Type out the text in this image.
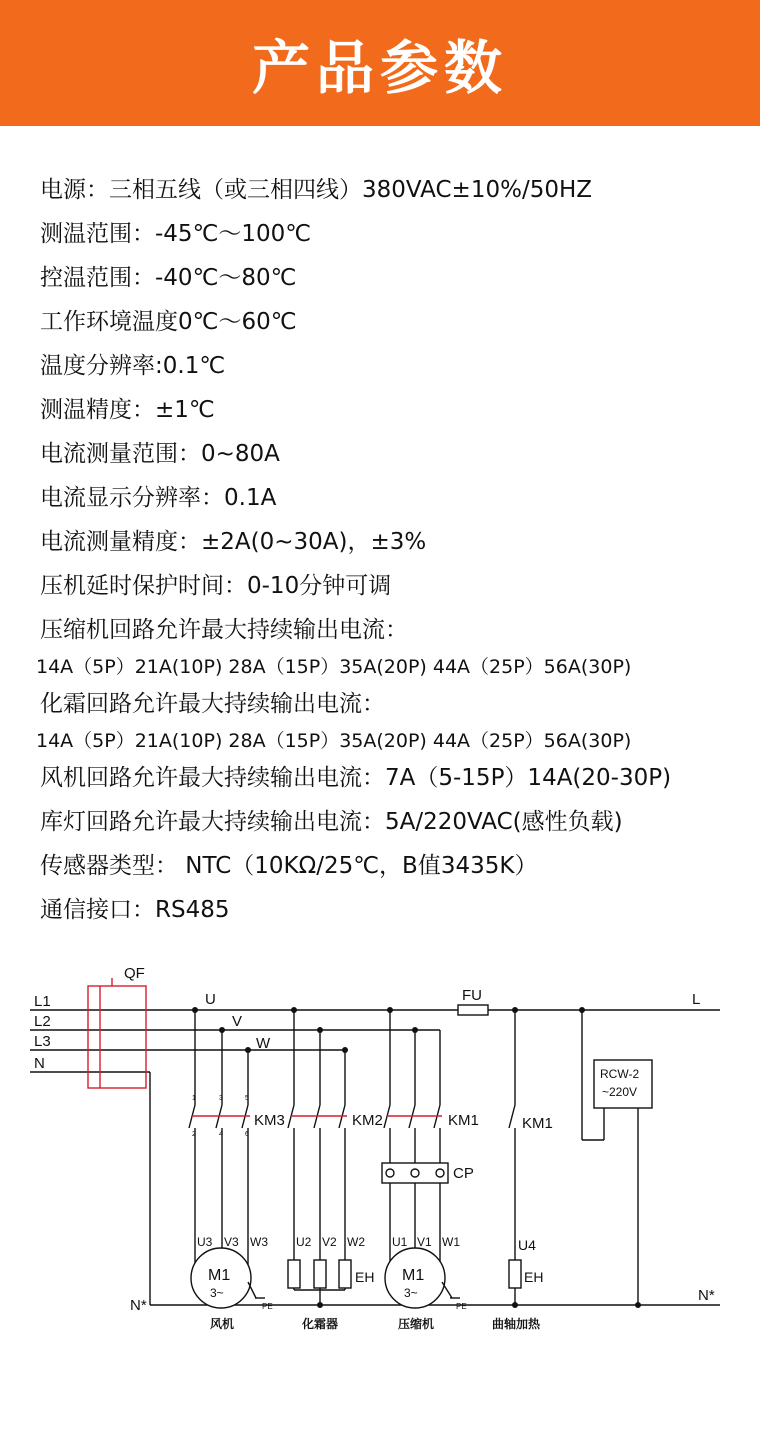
产品参数
电源：三相五线（或三相四线）380VAC±10%/50HZ
测温范围：-45℃～100℃
控温范围：-40℃～80℃
工作环境温度0℃～60℃
温度分辨率:0.1℃
测温精度：±1℃
电流测量范围：0~80A
电流显示分辨率：0.1A
电流测量精度：±2A(0~30A)，±3%
压机延时保护时间：0-10分钟可调
压缩机回路允许最大持续输出电流：
14A（5P）21A(10P) 28A（15P）35A(20P) 44A（25P）56A(30P)
化霜回路允许最大持续输出电流：
14A（5P）21A(10P) 28A（15P）35A(20P) 44A（25P）56A(30P)
风机回路允许最大持续输出电流：7A（5-15P）14A(20-30P)
库灯回路允许最大持续输出电流：5A/220VAC(感性负载)
传感器类型： NTC（10KΩ/25℃，B值3435K）
通信接口：RS485
L1
L2
L3
N
QF
U
V
W
FU	L
RCW-2
~220V
KM3	KM2	KM1	KM1
CP
N*
N*
U3 V3 W3 U2 V2 W2 U1 V1 W1	U4
EH	EH
M1
3~
M1
3~
PE	PE
1	3	5
2	4	6
风机	化霜器	压缩机	曲轴加热
